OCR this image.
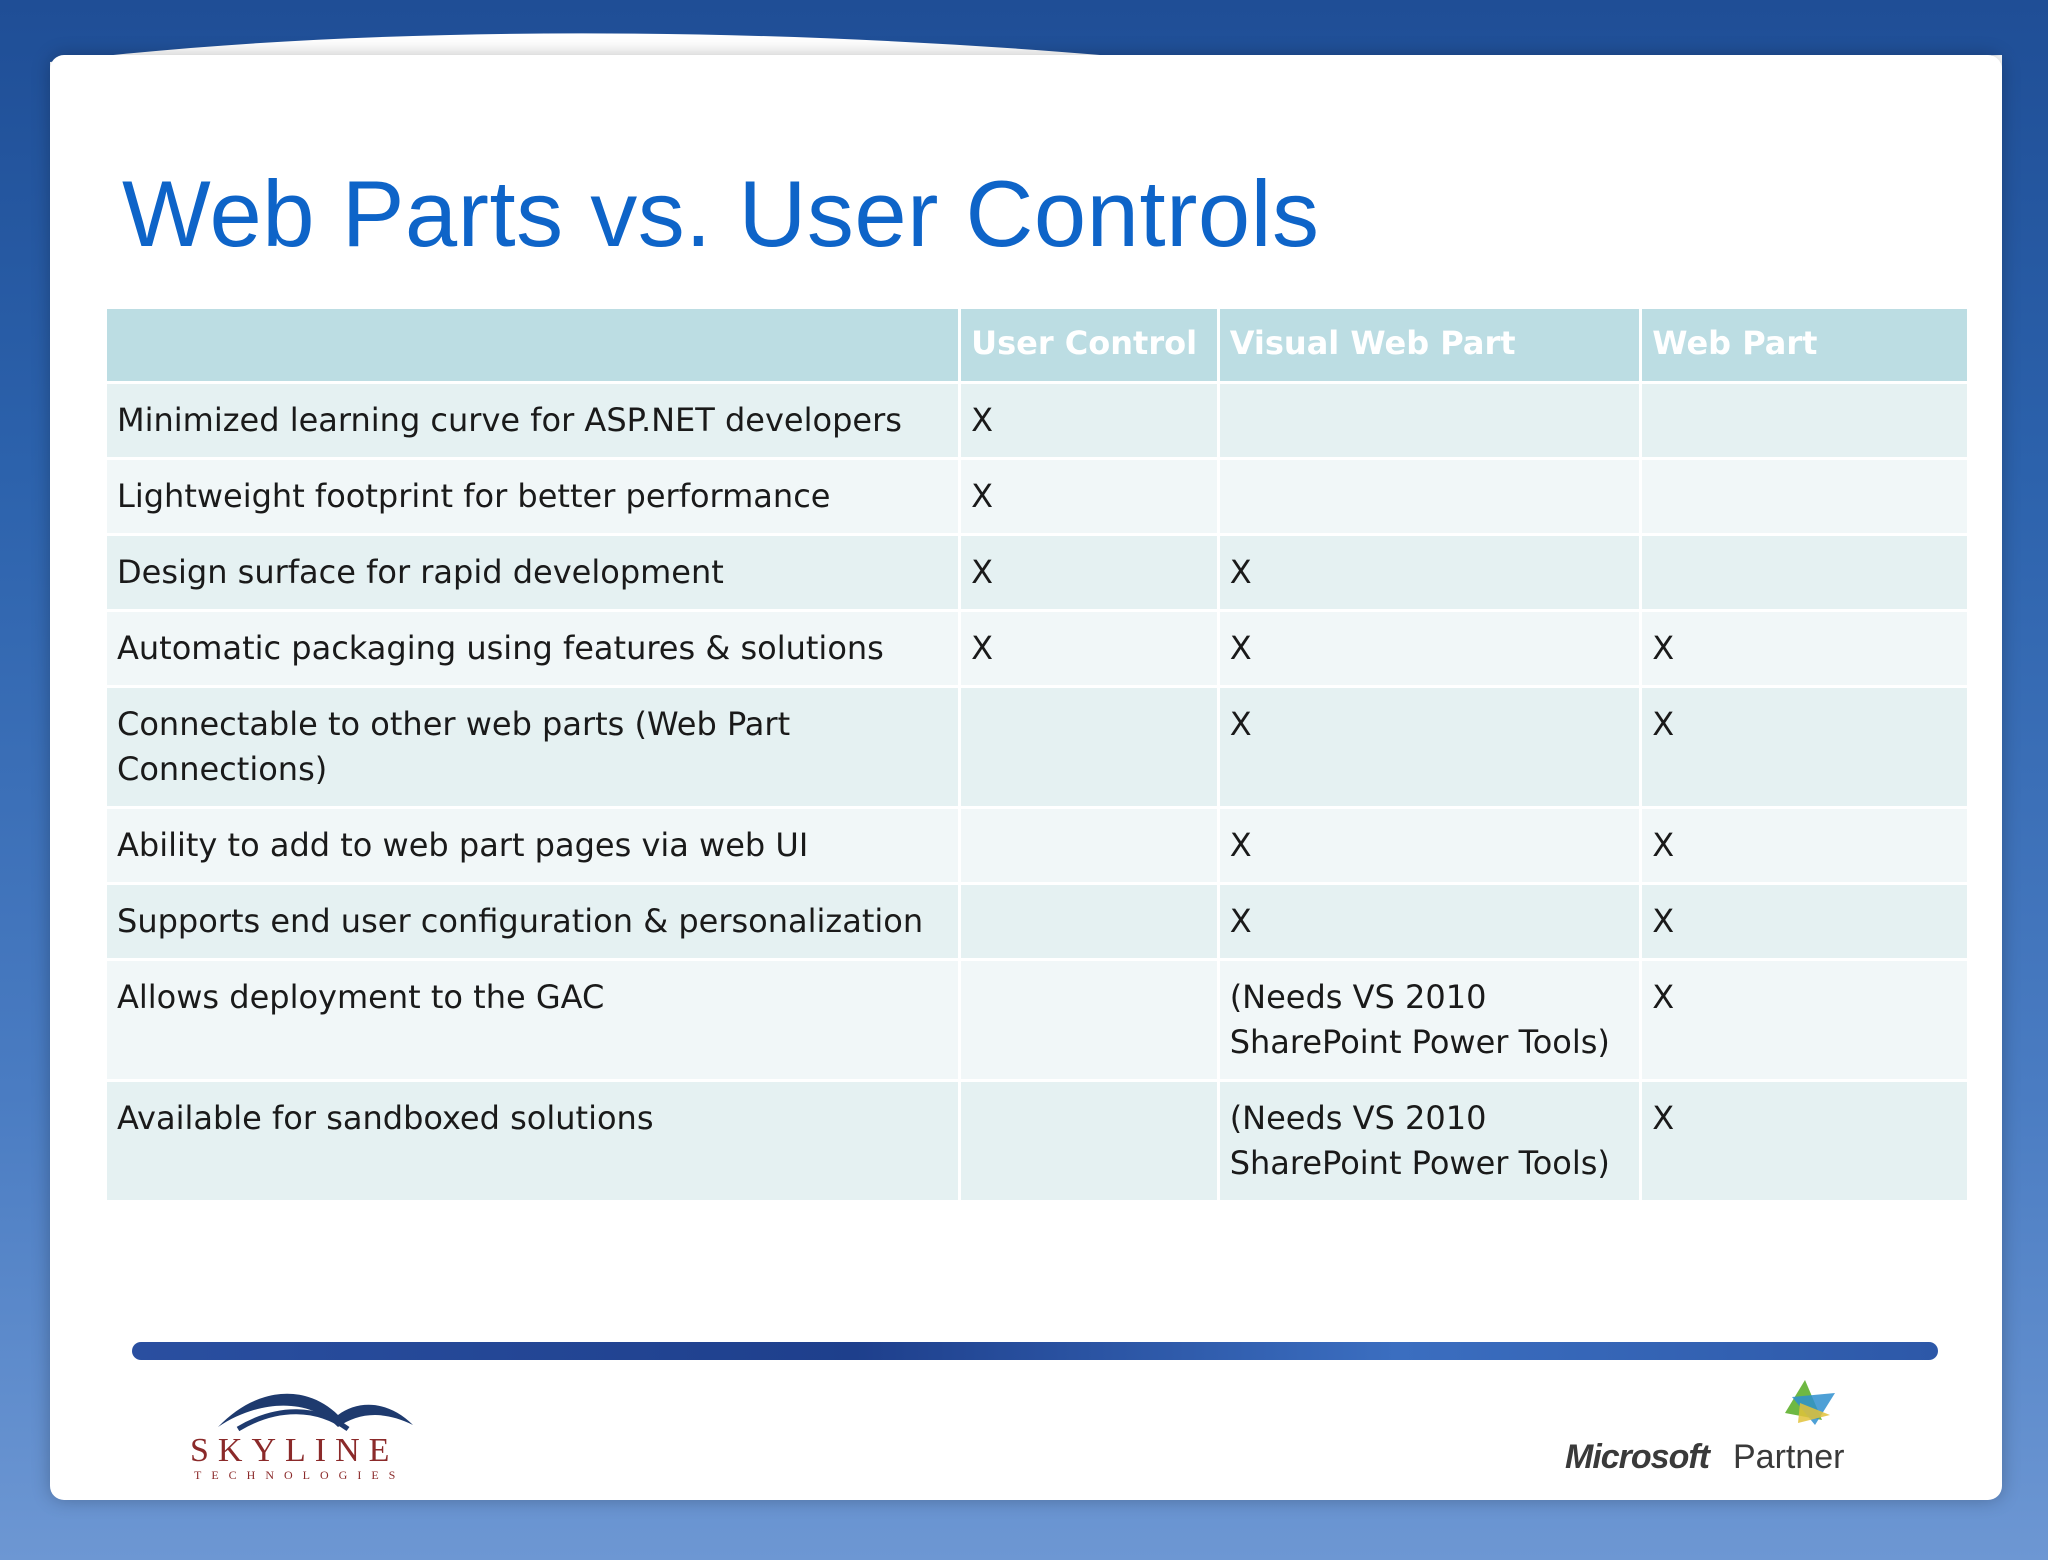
Web Parts vs. User Controls
	User Control	Visual Web Part	Web Part
Minimized learning curve for ASP.NET developers	X		
Lightweight footprint for better performance	X		
Design surface for rapid development	X	X	
Automatic packaging using features & solutions	X	X	X
Connectable to other web parts (Web Part Connections)		X	X
Ability to add to web part pages via web UI		X	X
Supports end user configuration & personalization		X	X
Allows deployment to the GAC		(Needs VS 2010 SharePoint Power Tools)	X
Available for sandboxed solutions		(Needs VS 2010 SharePoint Power Tools)	X
SKYLINE
TECHNOLOGIES	Microsoft Partner
